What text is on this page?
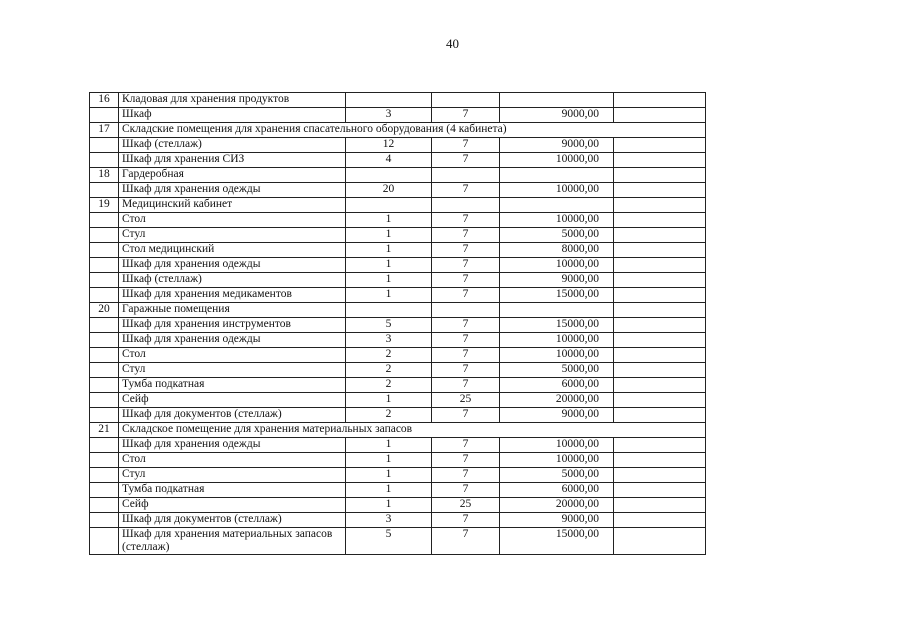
40
16	Кладовая для хранения продуктов				
	Шкаф	3	7	9000,00	
17	Складские помещения для хранения спасательного оборудования (4 кабинета)				
	Шкаф (стеллаж)	12	7	9000,00	
	Шкаф для хранения СИЗ	4	7	10000,00	
18	Гардеробная				
	Шкаф для хранения одежды	20	7	10000,00	
19	Медицинский кабинет				
	Стол	1	7	10000,00	
	Стул	1	7	5000,00	
	Стол медицинский	1	7	8000,00	
	Шкаф для хранения одежды	1	7	10000,00	
	Шкаф (стеллаж)	1	7	9000,00	
	Шкаф для хранения медикаментов	1	7	15000,00	
20	Гаражные помещения				
	Шкаф для хранения инструментов	5	7	15000,00	
	Шкаф для хранения одежды	3	7	10000,00	
	Стол	2	7	10000,00	
	Стул	2	7	5000,00	
	Тумба подкатная	2	7	6000,00	
	Сейф	1	25	20000,00	
	Шкаф для документов (стеллаж)	2	7	9000,00	
21	Складское помещение для хранения материальных запасов				
	Шкаф для хранения одежды	1	7	10000,00	
	Стол	1	7	10000,00	
	Стул	1	7	5000,00	
	Тумба подкатная	1	7	6000,00	
	Сейф	1	25	20000,00	
	Шкаф для документов (стеллаж)	3	7	9000,00	
	Шкаф для хранения материальных запасов (стеллаж)	5	7	15000,00	
